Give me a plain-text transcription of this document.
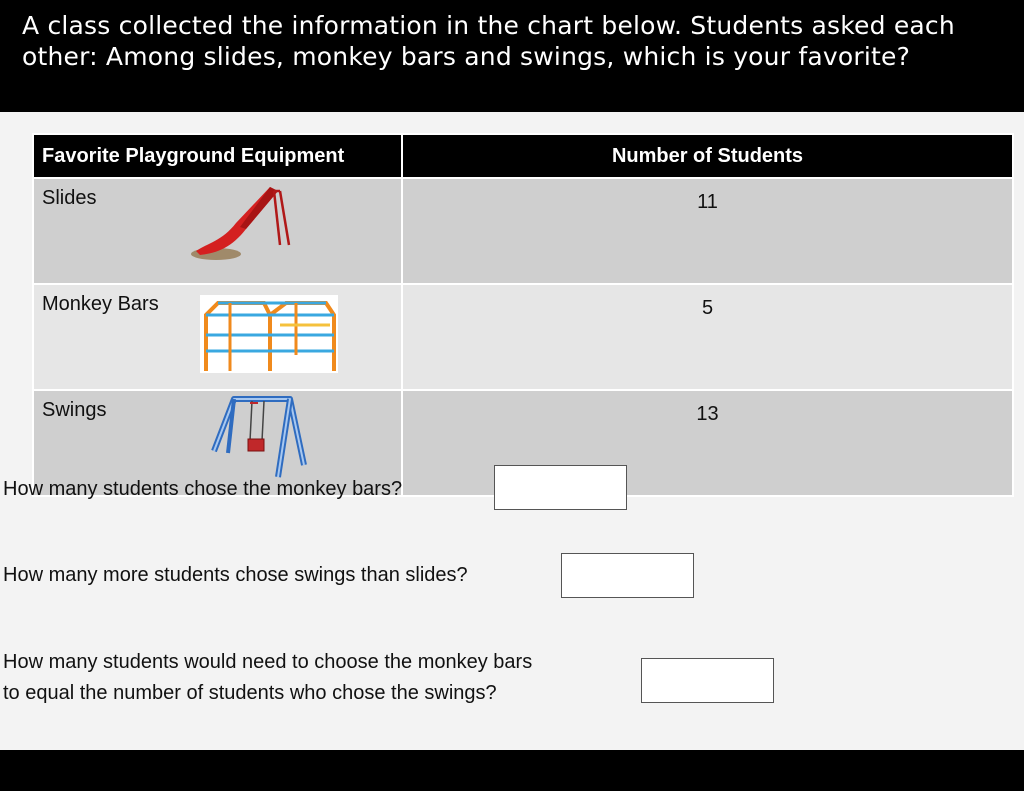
A class collected the information in the chart below. Students asked each other: Among slides, monkey bars and swings, which is your favorite?
Favorite Playground Equipment	Number of Students
Slides	11
Monkey Bars	5
Swings	13
How many students chose the monkey bars?
How many more students chose swings than slides?
How many students would need to choose the monkey bars
to equal the number of students who chose the swings?
